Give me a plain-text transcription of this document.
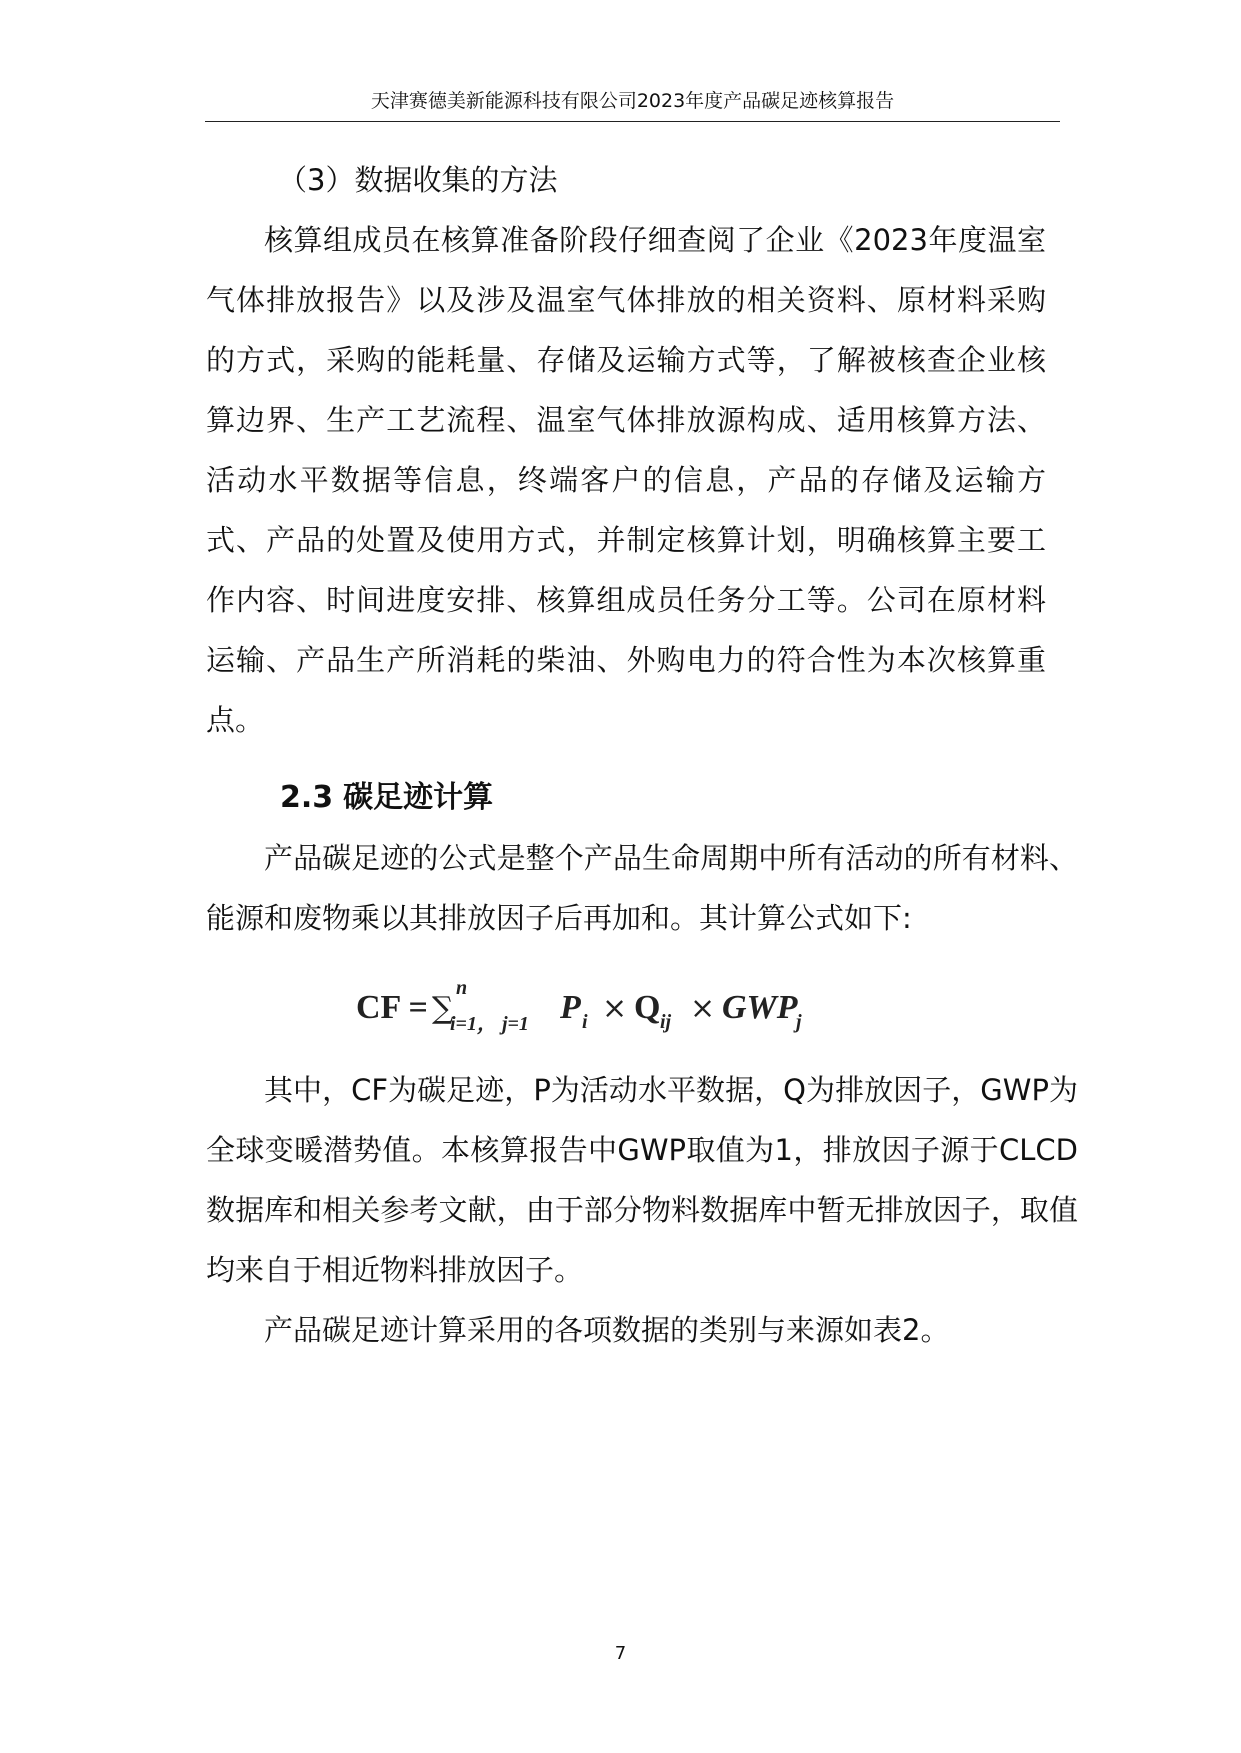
天津赛德美新能源科技有限公司2023年度产品碳足迹核算报告

（3）数据收集的方法

核算组成员在核算准备阶段仔细查阅了企业《2023年度温室气体排放报告》以及涉及温室气体排放的相关资料、原材料采购的方式，采购的能耗量、存储及运输方式等，了解被核查企业核算边界、生产工艺流程、温室气体排放源构成、适用核算方法、活动水平数据等信息，终端客户的信息，产品的存储及运输方式、产品的处置及使用方式，并制定核算计划，明确核算主要工作内容、时间进度安排、核算组成员任务分工等。公司在原材料运输、产品生产所消耗的柴油、外购电力的符合性为本次核算重点。

2.3 碳足迹计算

产品碳足迹的公式是整个产品生命周期中所有活动的所有材料、能源和废物乘以其排放因子后再加和。其计算公式如下:

CF = ∑
n
i=1， j=1 P i × Q ij × GWP
j

其中，CF为碳足迹，P为活动水平数据，Q为排放因子，GWP为全球变暖潜势值。本核算报告中GWP取值为1，排放因子源于CLCD数据库和相关参考文献，由于部分物料数据库中暂无排放因子，取值均来自于相近物料排放因子。

产品碳足迹计算采用的各项数据的类别与来源如表2。

7
